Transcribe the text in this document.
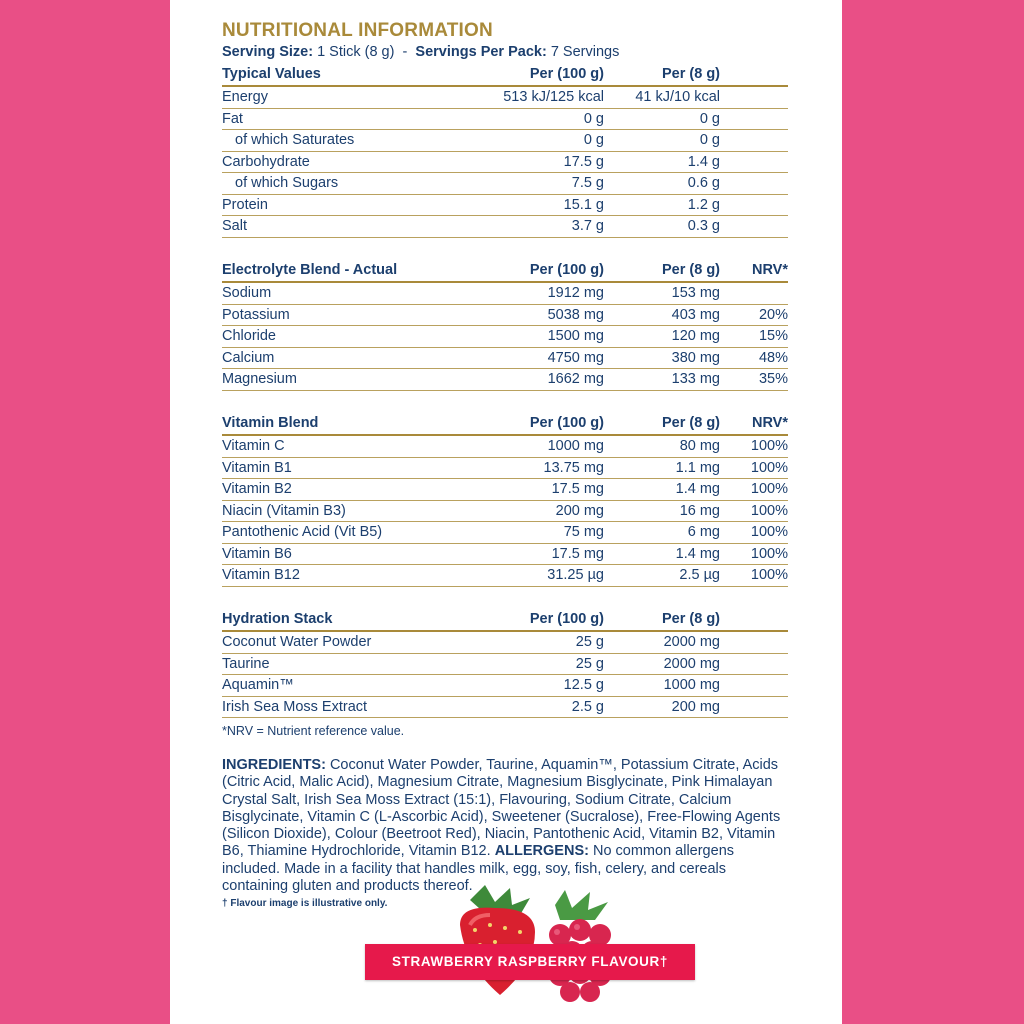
NUTRITIONAL INFORMATION
Serving Size: 1 Stick (8 g) - Servings Per Pack: 7 Servings
Typical Values	Per (100 g)	Per (8 g)	
Energy	513 kJ/125 kcal	41 kJ/10 kcal	
Fat	0 g	0 g	
of which Saturates	0 g	0 g	
Carbohydrate	17.5 g	1.4 g	
of which Sugars	7.5 g	0.6 g	
Protein	15.1 g	1.2 g	
Salt	3.7 g	0.3 g	

Electrolyte Blend - Actual	Per (100 g)	Per (8 g)	NRV*
Sodium	1912 mg	153 mg	
Potassium	5038 mg	403 mg	20%
Chloride	1500 mg	120 mg	15%
Calcium	4750 mg	380 mg	48%
Magnesium	1662 mg	133 mg	35%

Vitamin Blend	Per (100 g)	Per (8 g)	NRV*
Vitamin C	1000 mg	80 mg	100%
Vitamin B1	13.75 mg	1.1 mg	100%
Vitamin B2	17.5 mg	1.4 mg	100%
Niacin (Vitamin B3)	200 mg	16 mg	100%
Pantothenic Acid (Vit B5)	75 mg	6 mg	100%
Vitamin B6	17.5 mg	1.4 mg	100%
Vitamin B12	31.25 µg	2.5 µg	100%

Hydration Stack	Per (100 g)	Per (8 g)	
Coconut Water Powder	25 g	2000 mg	
Taurine	25 g	2000 mg	
Aquamin™	12.5 g	1000 mg	
Irish Sea Moss Extract	2.5 g	200 mg	
*NRV = Nutrient reference value.
INGREDIENTS: Coconut Water Powder, Taurine, Aquamin™, Potassium Citrate, Acids (Citric Acid, Malic Acid), Magnesium Citrate, Magnesium Bisglycinate, Pink Himalayan Crystal Salt, Irish Sea Moss Extract (15:1), Flavouring, Sodium Citrate, Calcium Bisglycinate, Vitamin C (L-Ascorbic Acid), Sweetener (Sucralose), Free-Flowing Agents (Silicon Dioxide), Colour (Beetroot Red), Niacin, Pantothenic Acid, Vitamin B2, Vitamin B6, Thiamine Hydrochloride, Vitamin B12. ALLERGENS: No common allergens included. Made in a facility that handles milk, egg, soy, fish, celery, and cereals containing gluten and products thereof.
† Flavour image is illustrative only.
STRAWBERRY RASPBERRY FLAVOUR†
